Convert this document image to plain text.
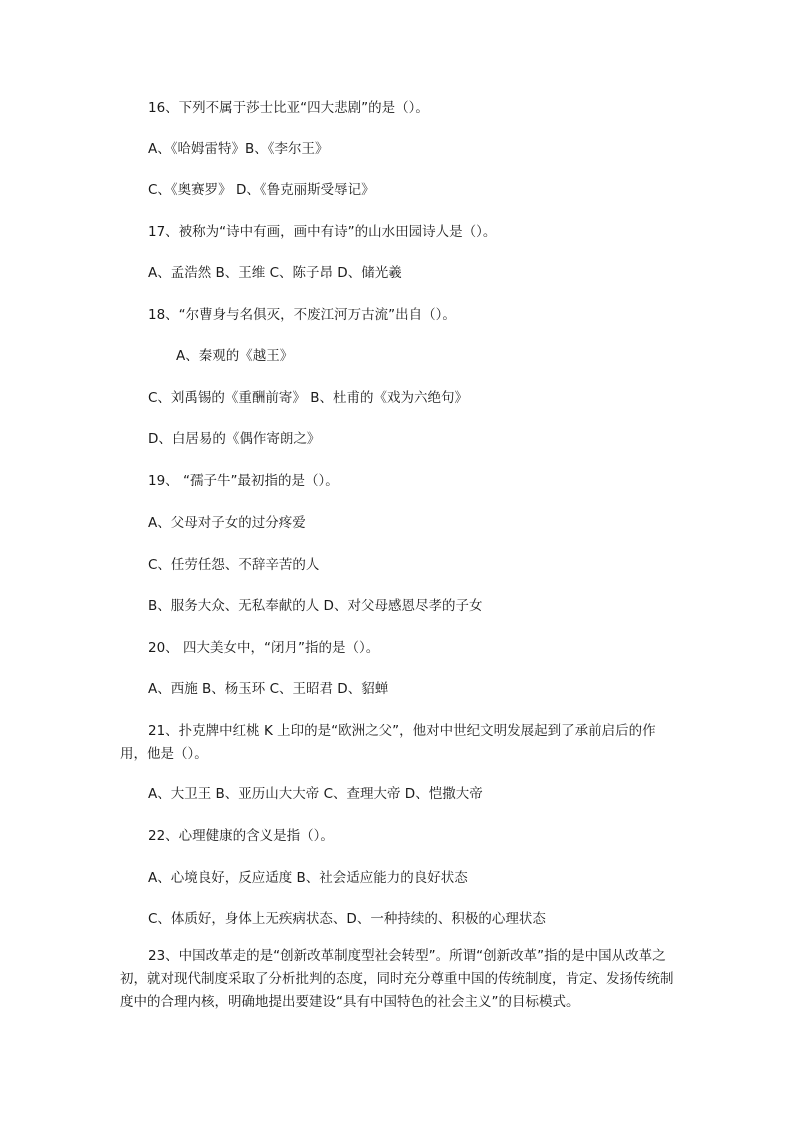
16、下列不属于莎士比亚“四大悲剧”的是（）。
A、《哈姆雷特》B、《李尔王》
C、《奥赛罗》 D、《鲁克丽斯受辱记》
17、被称为“诗中有画，画中有诗”的山水田园诗人是（）。
A、孟浩然 B、王维 C、陈子昂 D、储光羲
18、“尔曹身与名俱灭，不废江河万古流”出自（）。
A、秦观的《越王》
C、刘禹锡的《重酬前寄》 B、杜甫的《戏为六绝句》
D、白居易的《偶作寄朗之》
19、 “孺子牛”最初指的是（）。
A、父母对子女的过分疼爱
C、任劳任怨、不辞辛苦的人
B、服务大众、无私奉献的人 D、对父母感恩尽孝的子女
20、 四大美女中，“闭月”指的是（）。
A、西施 B、杨玉环 C、王昭君 D、貂蝉
21、扑克牌中红桃 K 上印的是“欧洲之父”，他对中世纪文明发展起到了承前启后的作用，他是（）。
A、大卫王 B、亚历山大大帝 C、查理大帝 D、恺撒大帝
22、心理健康的含义是指（）。
A、心境良好，反应适度 B、社会适应能力的良好状态
C、体质好，身体上无疾病状态、D、一种持续的、积极的心理状态
23、中国改革走的是“创新改革制度型社会转型”。所谓“创新改革”指的是中国从改革之初，就对现代制度采取了分析批判的态度，同时充分尊重中国的传统制度，肯定、发扬传统制度中的合理内核，明确地提出要建设“具有中国特色的社会主义”的目标模式。
